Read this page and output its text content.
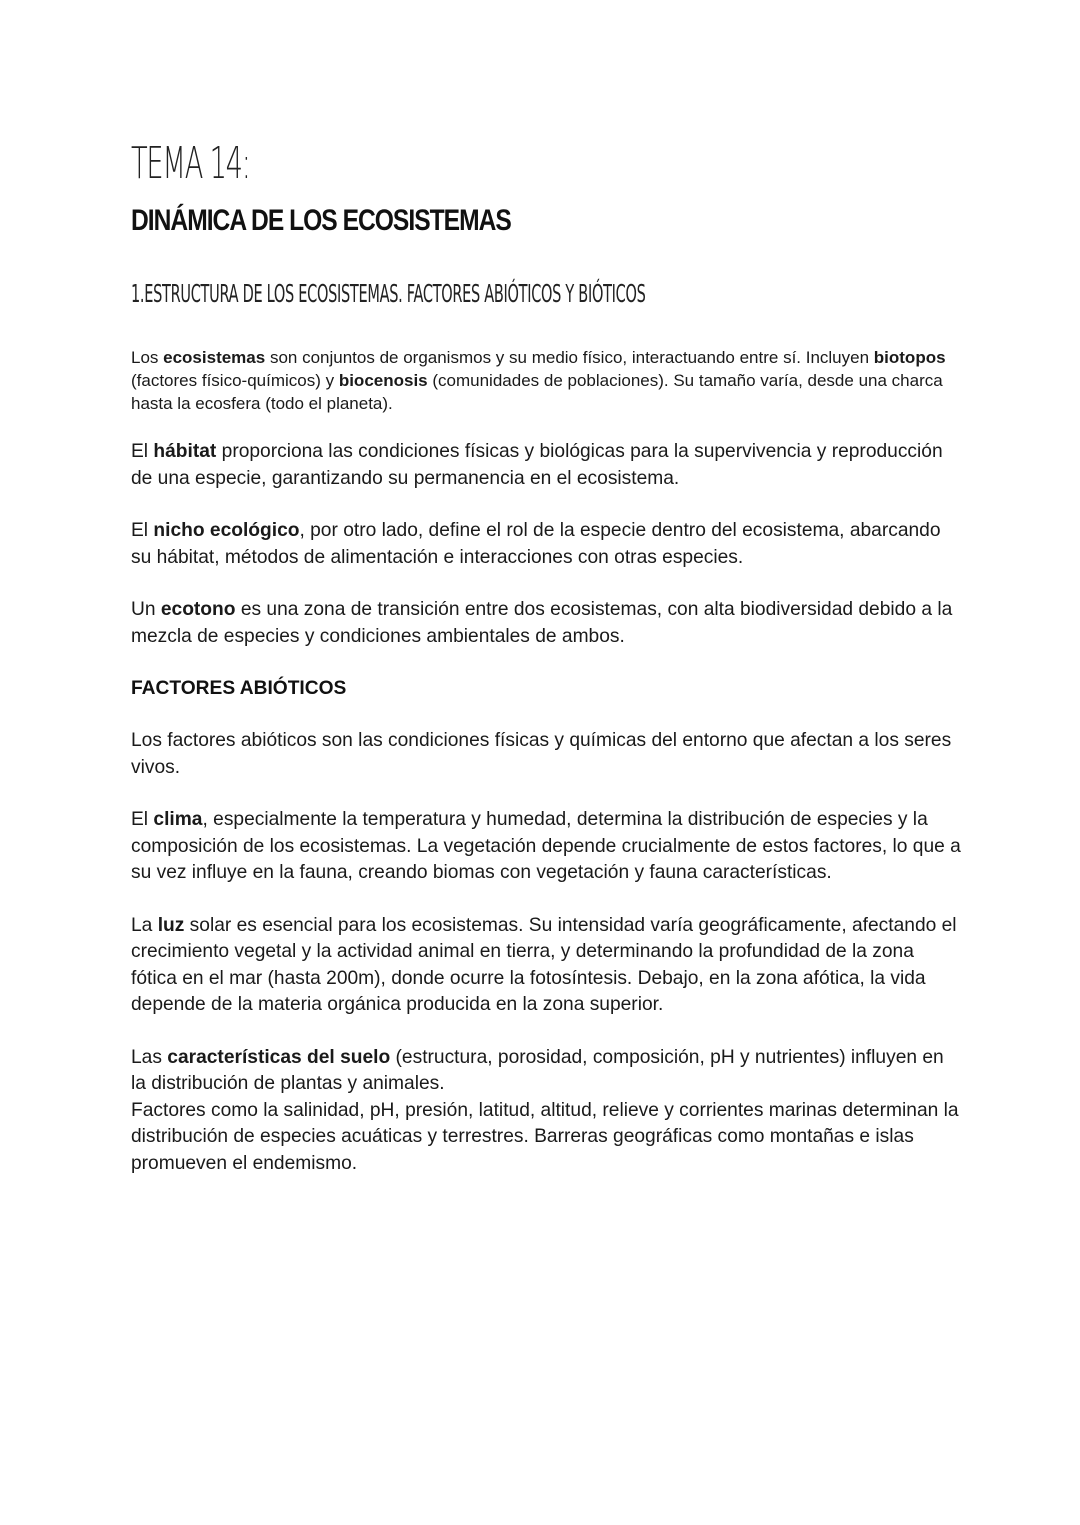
TEMA 14:
DINÁMICA DE LOS ECOSISTEMAS
1.ESTRUCTURA DE LOS ECOSISTEMAS. FACTORES ABIÓTICOS Y BIÓTICOS

Los ecosistemas son conjuntos de organismos y su medio físico, interactuando entre sí. Incluyen biotopos (factores físico-químicos) y biocenosis (comunidades de poblaciones). Su tamaño varía, desde una charca hasta la ecosfera (todo el planeta).

El hábitat proporciona las condiciones físicas y biológicas para la supervivencia y reproducción de una especie, garantizando su permanencia en el ecosistema.

El nicho ecológico, por otro lado, define el rol de la especie dentro del ecosistema, abarcando su hábitat, métodos de alimentación e interacciones con otras especies.

Un ecotono es una zona de transición entre dos ecosistemas, con alta biodiversidad debido a la mezcla de especies y condiciones ambientales de ambos.

FACTORES ABIÓTICOS

Los factores abióticos son las condiciones físicas y químicas del entorno que afectan a los seres vivos.

El clima, especialmente la temperatura y humedad, determina la distribución de especies y la composición de los ecosistemas. La vegetación depende crucialmente de estos factores, lo que a su vez influye en la fauna, creando biomas con vegetación y fauna características.

La luz solar es esencial para los ecosistemas. Su intensidad varía geográficamente, afectando el crecimiento vegetal y la actividad animal en tierra, y determinando la profundidad de la zona fótica en el mar (hasta 200m), donde ocurre la fotosíntesis. Debajo, en la zona afótica, la vida depende de la materia orgánica producida en la zona superior.

Las características del suelo (estructura, porosidad, composición, pH y nutrientes) influyen en la distribución de plantas y animales.

Factores como la salinidad, pH, presión, latitud, altitud, relieve y corrientes marinas determinan la distribución de especies acuáticas y terrestres. Barreras geográficas como montañas e islas promueven el endemismo.
